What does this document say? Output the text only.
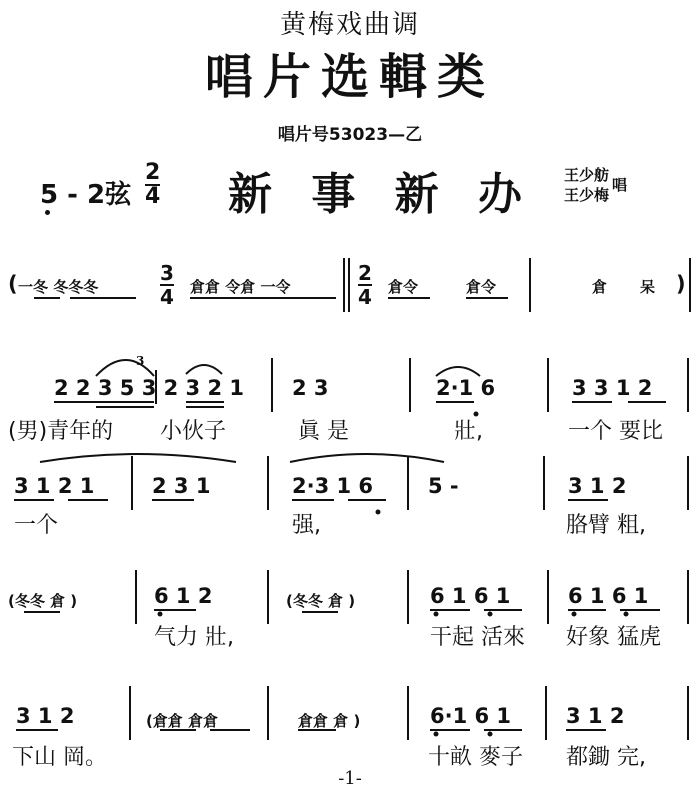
黄梅戏曲调
唱片选輯类
唱片号53023—乙
5 - 2弦 $\frac{2}{4}$ 新 事 新 办 王少舫
王少梅
唱
( 一冬 冬冬冬	$\frac{3}{4}$ 倉倉 令倉 一令	$\frac{2}{4}$ 倉令	倉令	倉 呆 )
2 2 3 5 3 2 3 2 1
3
2 3	2·1 6	3 3 1 2
(男)青年的 小伙子	眞 是	壯,	一个 要比
3 1 2 1	2 3 1	2·3 1 6	5 -	3 1 2
一个	强,	胳臂 粗,
(冬冬 倉 )	6 1 2	(冬冬 倉 )	6 1 6 1	6 1 6 1
气力 壯,	干起 活來 好象 猛虎
3 1 2	(倉倉 倉倉	倉倉 倉 )	6·1 6 1	3 1 2
下山 岡。	十畝 麥子 都鋤 完,
-1-
